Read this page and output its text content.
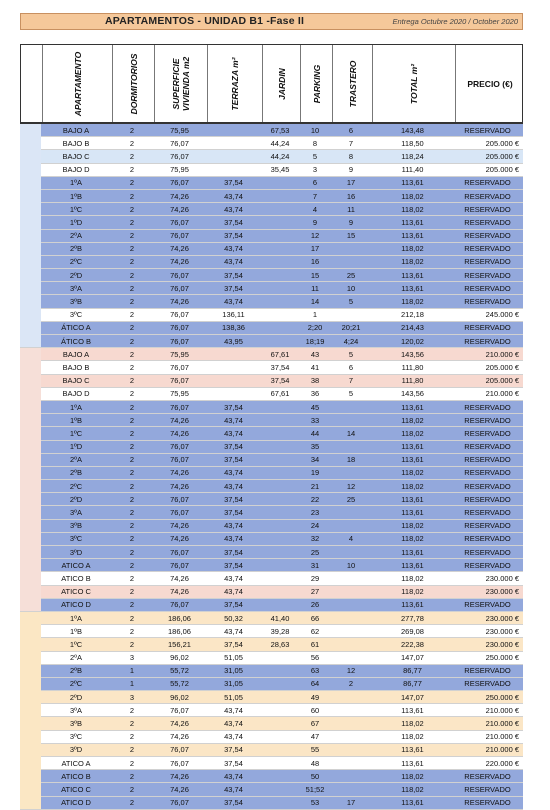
APARTAMENTOS - UNIDAD B1 -Fase II	Entrega Octubre 2020 / October 2020
APARTAMENTO	DORMITORIOS	SUPERFICIE VIVIENDA m2	TERRAZA m²	JARDIN	PARKING	TRASTERO	TOTAL m²	PRECIO (€)
	BAJO A	2	75,95		67,53	10	6	143,48	RESERVADO
	BAJO B	2	76,07		44,24	8	7	118,50	205.000 €
	BAJO C	2	76,07		44,24	5	8	118,24	205.000 €
	BAJO D	2	75,95		35,45	3	9	111,40	205.000 €
	1ºA	2	76,07	37,54		6	17	113,61	RESERVADO
	1ºB	2	74,26	43,74		7	16	118,02	RESERVADO
	1ºC	2	74,26	43,74		4	11	118,02	RESERVADO
	1ºD	2	76,07	37,54		9	9	113,61	RESERVADO
	2ºA	2	76,07	37,54		12	15	113,61	RESERVADO
	2ºB	2	74,26	43,74		17		118,02	RESERVADO
	2ºC	2	74,26	43,74		16		118,02	RESERVADO
	2ºD	2	76,07	37,54		15	25	113,61	RESERVADO
	3ºA	2	76,07	37,54		11	10	113,61	RESERVADO
	3ºB	2	74,26	43,74		14	5	118,02	RESERVADO
	3ºC	2	76,07	136,11		1		212,18	245.000 €
	ÁTICO A	2	76,07	138,36		2;20	20;21	214,43	RESERVADO
	ÁTICO B	2	76,07	43,95		18;19	4;24	120,02	RESERVADO
	BAJO A	2	75,95		67,61	43	5	143,56	210.000 €
	BAJO B	2	76,07		37,54	41	6	111,80	205.000 €
	BAJO C	2	76,07		37,54	38	7	111,80	205.000 €
	BAJO D	2	75,95		67,61	36	5	143,56	210.000 €
	1ºA	2	76,07	37,54		45		113,61	RESERVADO
	1ºB	2	74,26	43,74		33		118,02	RESERVADO
	1ºC	2	74,26	43,74		44	14	118,02	RESERVADO
	1ºD	2	76,07	37,54		35		113,61	RESERVADO
	2ºA	2	76,07	37,54		34	18	113,61	RESERVADO
	2ºB	2	74,26	43,74		19		118,02	RESERVADO
	2ºC	2	74,26	43,74		21	12	118,02	RESERVADO
	2ºD	2	76,07	37,54		22	25	113,61	RESERVADO
	3ºA	2	76,07	37,54		23		113,61	RESERVADO
	3ºB	2	74,26	43,74		24		118,02	RESERVADO
	3ºC	2	74,26	43,74		32	4	118,02	RESERVADO
	3ºD	2	76,07	37,54		25		113,61	RESERVADO
	ATICO A	2	76,07	37,54		31	10	113,61	RESERVADO
	ATICO B	2	74,26	43,74		29		118,02	230.000 €
	ATICO C	2	74,26	43,74		27		118,02	230.000 €
	ATICO D	2	76,07	37,54		26		113,61	RESERVADO
	1ºA	2	186,06	50,32	41,40	66		277,78	230.000 €
	1ºB	2	186,06	43,74	39,28	62		269,08	230.000 €
	1ºC	2	156,21	37,54	28,63	61		222,38	230.000 €
	2ºA	3	96,02	51,05		56		147,07	250.000 €
	2ºB	1	55,72	31,05		63	12	86,77	RESERVADO
	2ºC	1	55,72	31,05		64	2	86,77	RESERVADO
	2ºD	3	96,02	51,05		49		147,07	250.000 €
	3ºA	2	76,07	43,74		60		113,61	210.000 €
	3ºB	2	74,26	43,74		67		118,02	210.000 €
	3ºC	2	74,26	43,74		47		118,02	210.000 €
	3ºD	2	76,07	37,54		55		113,61	210.000 €
	ATICO A	2	76,07	37,54		48		113,61	220.000 €
	ATICO B	2	74,26	43,74		50		118,02	RESERVADO
	ATICO C	2	74,26	43,74		51;52		118,02	RESERVADO
	ATICO D	2	76,07	37,54		53	17	113,61	RESERVADO
